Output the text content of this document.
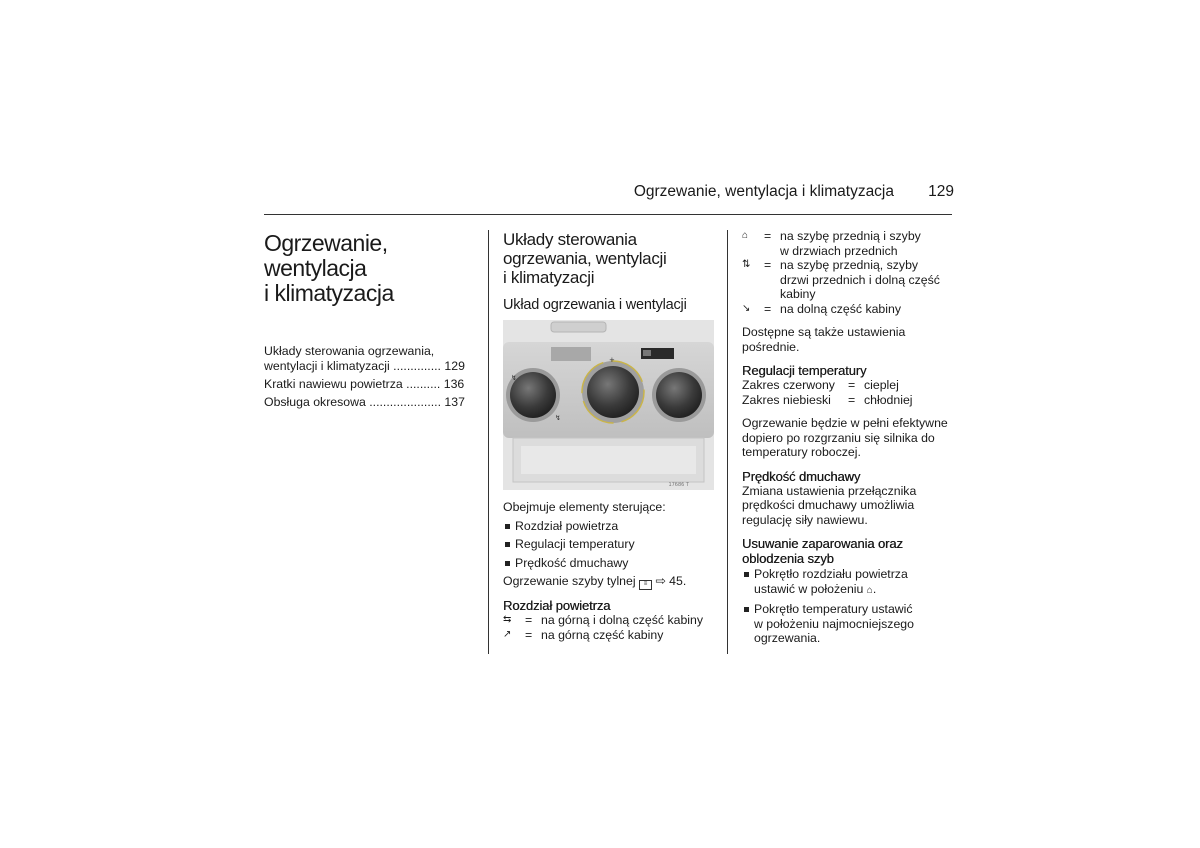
Ogrzewanie, wentylacja i klimatyzacja	129
Ogrzewanie,
wentylacja
i klimatyzacja
Układy sterowania ogrzewania,
wentylacji i klimatyzacji .............. 129
Kratki nawiewu powietrza .......... 136
Obsługa okresowa ..................... 137
Układy sterowania
ogrzewania, wentylacji
i klimatyzacji
Układ ogrzewania i wentylacji
↯
↯
+
17686 T
Obejmuje elementy sterujące:
Rozdział powietrza
Regulacji temperatury
Prędkość dmuchawy
Ogrzewanie szyby tylnej ≡ ⇨ 45.
Rozdział powietrza
⇆	= na górną i dolną część kabiny
↗	= na górną część kabiny
⌂	= na szybę przednią i szyby
w drzwiach przednich
⇅	= na szybę przednią, szyby
drzwi przednich i dolną część
kabiny
↘	= na dolną część kabiny
Dostępne są także ustawienia
pośrednie.
Regulacji temperatury
Zakres czerwony	= cieplej
Zakres niebieski	= chłodniej
Ogrzewanie będzie w pełni efektywne
dopiero po rozgrzaniu się silnika do
temperatury roboczej.
Prędkość dmuchawy
Zmiana ustawienia przełącznika
prędkości dmuchawy umożliwia
regulację siły nawiewu.
Usuwanie zaparowania oraz
oblodzenia szyb
Pokrętło rozdziału powietrza
ustawić w położeniu ⌂.
Pokrętło temperatury ustawić
w położeniu najmocniejszego
ogrzewania.
